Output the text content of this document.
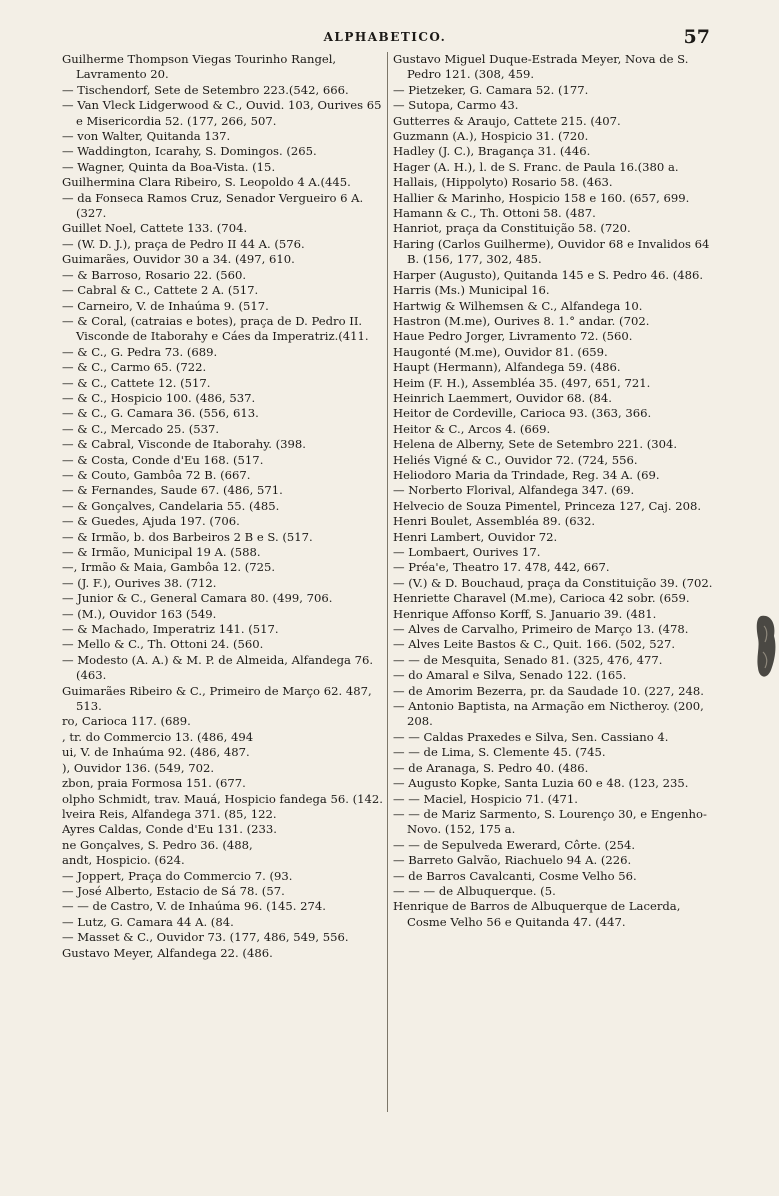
ALPHABETICO.	57
Guilherme Thompson Viegas Tourinho Rangel, Lavramento 20.
— Tischendorf, Sete de Setembro 223.(542, 666.
— Van Vleck Lidgerwood & C., Ouvid. 103, Ourives 65 e Misericordia 52. (177, 266, 507.
— von Walter, Quitanda 137.
— Waddington, Icarahy, S. Domingos. (265.
— Wagner, Quinta da Boa-Vista. (15.
Guilhermina Clara Ribeiro, S. Leopoldo 4 A.(445.
— da Fonseca Ramos Cruz, Senador Vergueiro 6 A. (327.
Guillet Noel, Cattete 133. (704.
— (W. D. J.), praça de Pedro II 44 A. (576.
Guimarães, Ouvidor 30 a 34. (497, 610.
— & Barroso, Rosario 22. (560.
— Cabral & C., Cattete 2 A. (517.
— Carneiro, V. de Inhaúma 9. (517.
— & Coral, (catraias e botes), praça de D. Pedro II. Visconde de Itaborahy e Cáes da Imperatriz.(411.
— & C., G. Pedra 73. (689.
— & C., Carmo 65. (722.
— & C., Cattete 12. (517.
— & C., Hospicio 100. (486, 537.
— & C., G. Camara 36. (556, 613.
— & C., Mercado 25. (537.
— & Cabral, Visconde de Itaborahy. (398.
— & Costa, Conde d'Eu 168. (517.
— & Couto, Gambôa 72 B. (667.
— & Fernandes, Saude 67. (486, 571.
— & Gonçalves, Candelaria 55. (485.
— & Guedes, Ajuda 197. (706.
— & Irmão, b. dos Barbeiros 2 B e S. (517.
— & Irmão, Municipal 19 A. (588.
—, Irmão & Maia, Gambôa 12. (725.
— (J. F.), Ourives 38. (712.
— Junior & C., General Camara 80. (499, 706.
— (M.), Ouvidor 163 (549.
— & Machado, Imperatriz 141. (517.
— Mello & C., Th. Ottoni 24. (560.
— Modesto (A. A.) & M. P. de Almeida, Alfandega 76. (463.
Guimarães Ribeiro & C., Primeiro de Março 62. 487, 513.
ro, Carioca 117. (689.
, tr. do Commercio 13. (486, 494
ui, V. de Inhaúma 92. (486, 487.
), Ouvidor 136. (549, 702.
zbon, praia Formosa 151. (677.
olpho Schmidt, trav. Mauá, Hospicio fandega 56. (142.
lveira Reis, Alfandega 371. (85, 122.
Ayres Caldas, Conde d'Eu 131. (233.
ne Gonçalves, S. Pedro 36. (488,
andt, Hospicio. (624.
— Joppert, Praça do Commercio 7. (93.
— José Alberto, Estacio de Sá 78. (57.
— — de Castro, V. de Inhaúma 96. (145. 274.
— Lutz, G. Camara 44 A. (84.
— Masset & C., Ouvidor 73. (177, 486, 549, 556.
Gustavo Meyer, Alfandega 22. (486.
Gustavo Miguel Duque-Estrada Meyer, Nova de S. Pedro 121. (308, 459.
— Pietzeker, G. Camara 52. (177.
— Sutopa, Carmo 43.
Gutterres & Araujo, Cattete 215. (407.
Guzmann (A.), Hospicio 31. (720.
Hadley (J. C.), Bragança 31. (446.
Hager (A. H.), l. de S. Franc. de Paula 16.(380 a.
Hallais, (Hippolyto) Rosario 58. (463.
Hallier & Marinho, Hospicio 158 e 160. (657, 699.
Hamann & C., Th. Ottoni 58. (487.
Hanriot, praça da Constituição 58. (720.
Haring (Carlos Guilherme), Ouvidor 68 e Invalidos 64 B. (156, 177, 302, 485.
Harper (Augusto), Quitanda 145 e S. Pedro 46. (486.
Harris (Ms.) Municipal 16.
Hartwig & Wilhemsen & C., Alfandega 10.
Hastron (M.me), Ourives 8. 1.° andar. (702.
Haue Pedro Jorger, Livramento 72. (560.
Haugonté (M.me), Ouvidor 81. (659.
Haupt (Hermann), Alfandega 59. (486.
Heim (F. H.), Assembléa 35. (497, 651, 721.
Heinrich Laemmert, Ouvidor 68. (84.
Heitor de Cordeville, Carioca 93. (363, 366.
Heitor & C., Arcos 4. (669.
Helena de Alberny, Sete de Setembro 221. (304.
Heliés Vigné & C., Ouvidor 72. (724, 556.
Heliodoro Maria da Trindade, Reg. 34 A. (69.
— Norberto Florival, Alfandega 347. (69.
Helvecio de Souza Pimentel, Princeza 127, Caj. 208.
Henri Boulet, Assembléa 89. (632.
Henri Lambert, Ouvidor 72.
— Lombaert, Ourives 17.
— Préa'e, Theatro 17. 478, 442, 667.
— (V.) & D. Bouchaud, praça da Constituição 39. (702.
Henriette Charavel (M.me), Carioca 42 sobr. (659.
Henrique Affonso Korff, S. Januario 39. (481.
— Alves de Carvalho, Primeiro de Março 13. (478.
— Alves Leite Bastos & C., Quit. 166. (502, 527.
— — de Mesquita, Senado 81. (325, 476, 477.
— do Amaral e Silva, Senado 122. (165.
— de Amorim Bezerra, pr. da Saudade 10. (227, 248.
— Antonio Baptista, na Armação em Nictheroy. (200, 208.
— — Caldas Praxedes e Silva, Sen. Cassiano 4.
— — de Lima, S. Clemente 45. (745.
— de Aranaga, S. Pedro 40. (486.
— Augusto Kopke, Santa Luzia 60 e 48. (123, 235.
— — Maciel, Hospicio 71. (471.
— — de Mariz Sarmento, S. Lourenço 30, e Engenho-Novo. (152, 175 a.
— — de Sepulveda Ewerard, Côrte. (254.
— Barreto Galvão, Riachuelo 94 A. (226.
— de Barros Cavalcanti, Cosme Velho 56.
— — — de Albuquerque. (5.
Henrique de Barros de Albuquerque de Lacerda, Cosme Velho 56 e Quitanda 47. (447.
